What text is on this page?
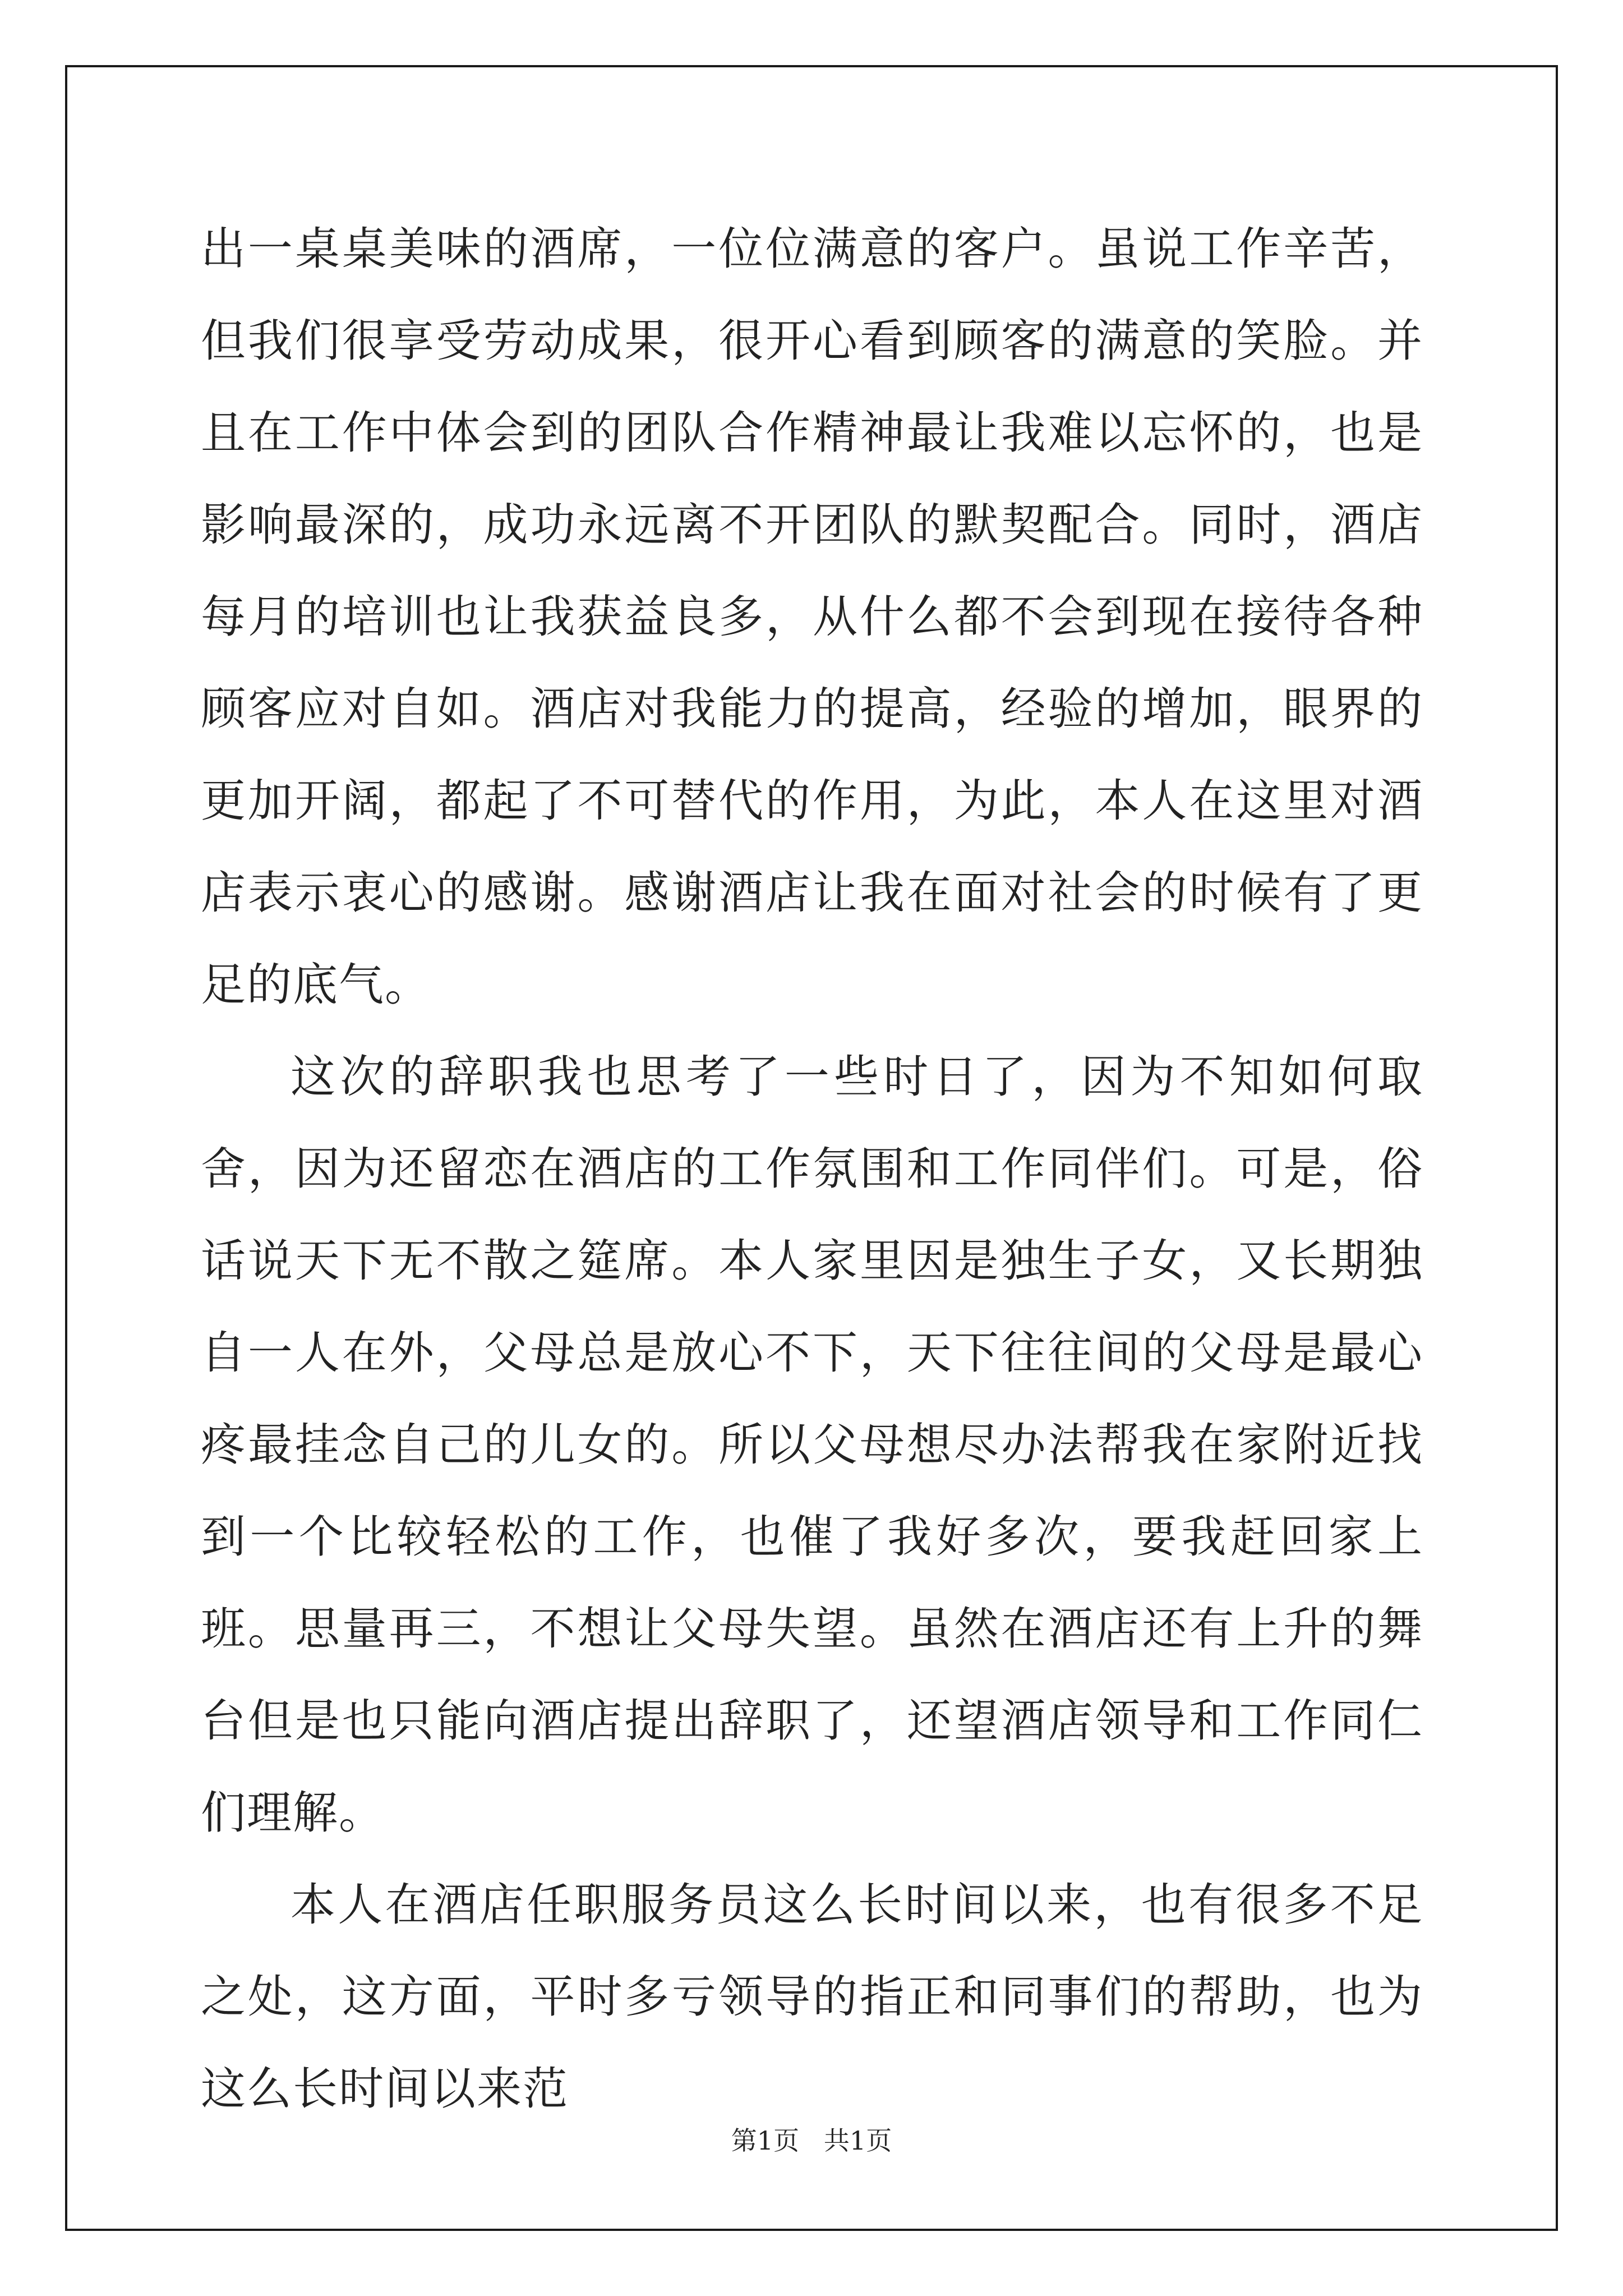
出一桌桌美味的酒席，一位位满意的客户。虽说工作辛苦，但我们很享受劳动成果，很开心看到顾客的满意的笑脸。并且在工作中体会到的团队合作精神最让我难以忘怀的，也是影响最深的，成功永远离不开团队的默契配合。同时，酒店每月的培训也让我获益良多，从什么都不会到现在接待各种顾客应对自如。酒店对我能力的提高，经验的增加，眼界的更加开阔，都起了不可替代的作用，为此，本人在这里对酒店表示衷心的感谢。感谢酒店让我在面对社会的时候有了更足的底气。

这次的辞职我也思考了一些时日了，因为不知如何取舍，因为还留恋在酒店的工作氛围和工作同伴们。可是，俗话说天下无不散之筵席。本人家里因是独生子女，又长期独自一人在外，父母总是放心不下，天下往往间的父母是最心疼最挂念自己的儿女的。所以父母想尽办法帮我在家附近找到一个比较轻松的工作，也催了我好多次，要我赶回家上班。思量再三，不想让父母失望。虽然在酒店还有上升的舞台但是也只能向酒店提出辞职了，还望酒店领导和工作同仁们理解。

本人在酒店任职服务员这么长时间以来，也有很多不足之处，这方面，平时多亏领导的指正和同事们的帮助，也为这么长时间以来范

第1页   共1页
